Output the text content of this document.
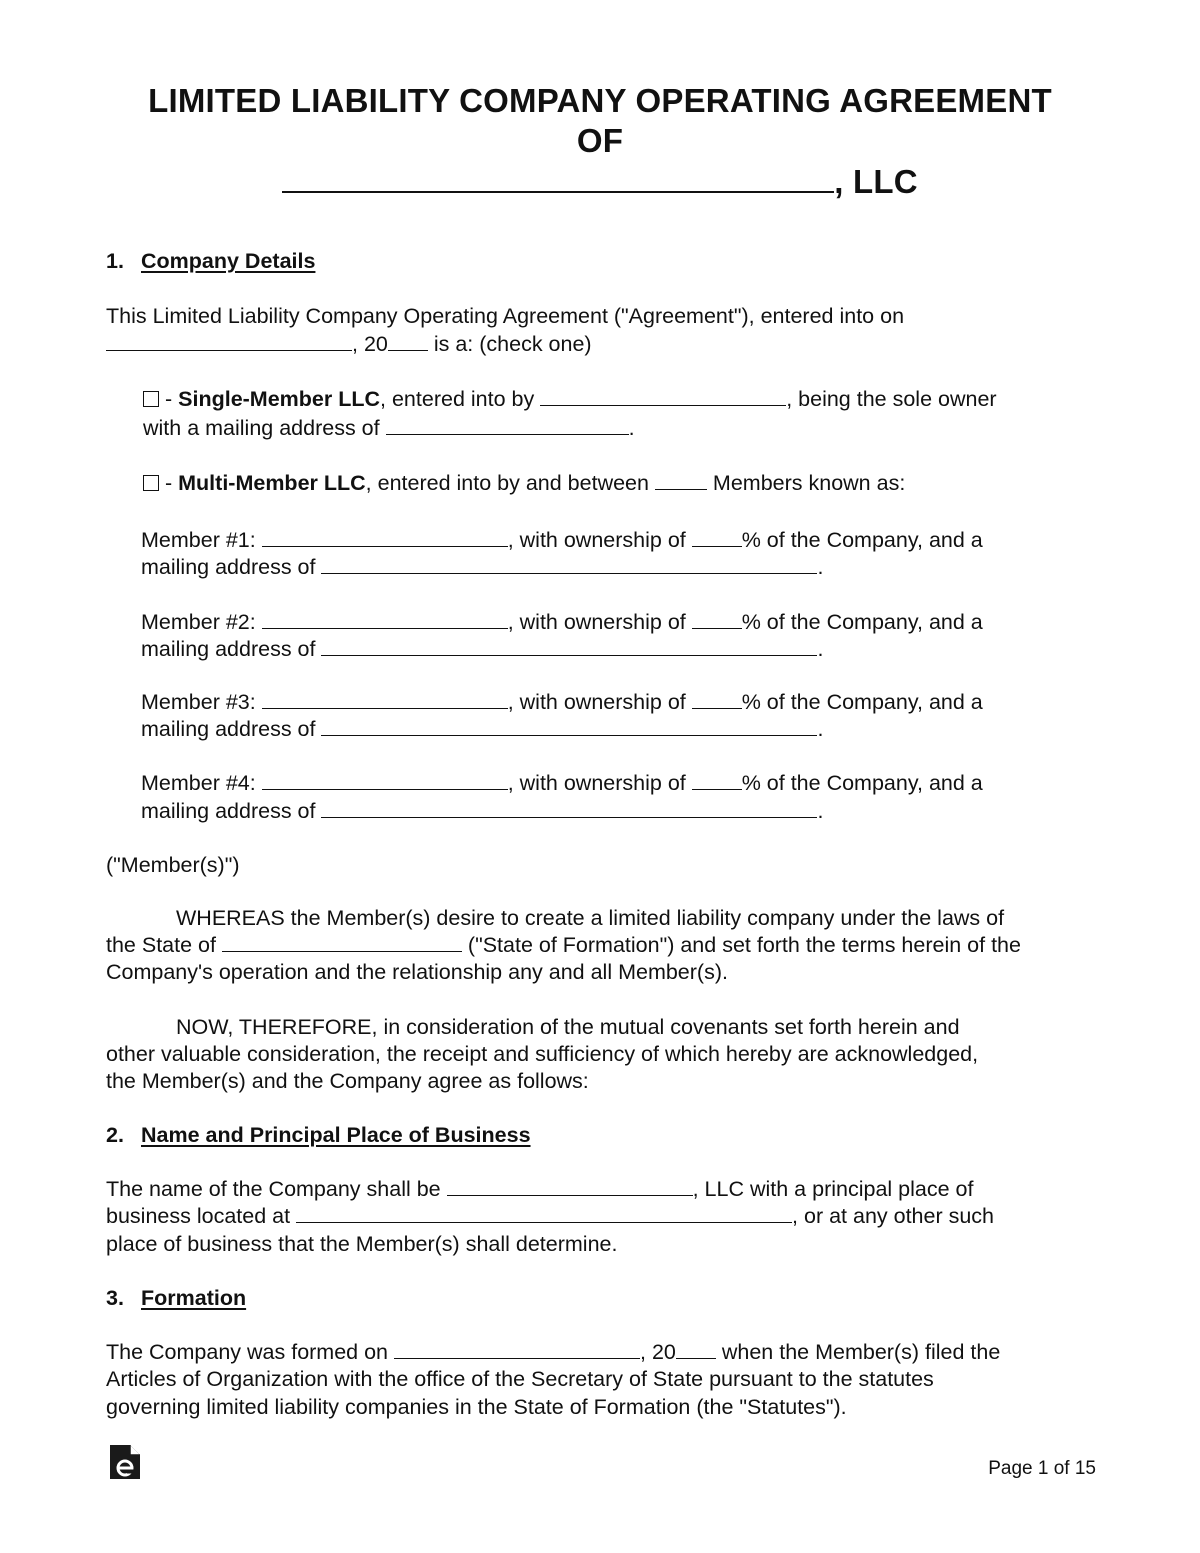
LIMITED LIABILITY COMPANY OPERATING AGREEMENT
OF
, LLC
1. Company Details
This Limited Liability Company Operating Agreement ("Agreement"), entered into on
, 20 is a: (check one)
- Single-Member LLC, entered into by	, being the sole owner
with a mailing address of	.
- Multi-Member LLC, entered into by and between  Members known as:
Member #1:	, with ownership of % of the Company, and a
mailing address of	.
Member #2:	, with ownership of % of the Company, and a
mailing address of	.
Member #3:	, with ownership of % of the Company, and a
mailing address of	.
Member #4:	, with ownership of % of the Company, and a
mailing address of	.
("Member(s)")
WHEREAS the Member(s) desire to create a limited liability company under the laws of
the State of	("State of Formation") and set forth the terms herein of the
Company's operation and the relationship any and all Member(s).
NOW, THEREFORE, in consideration of the mutual covenants set forth herein and
other valuable consideration, the receipt and sufficiency of which hereby are acknowledged,
the Member(s) and the Company agree as follows:
2. Name and Principal Place of Business
The name of the Company shall be	, LLC with a principal place of
business located at	, or at any other such
place of business that the Member(s) shall determine.
3. Formation
The Company was formed on	, 20 when the Member(s) filed the
Articles of Organization with the office of the Secretary of State pursuant to the statutes
governing limited liability companies in the State of Formation (the "Statutes").
Page 1 of 15
